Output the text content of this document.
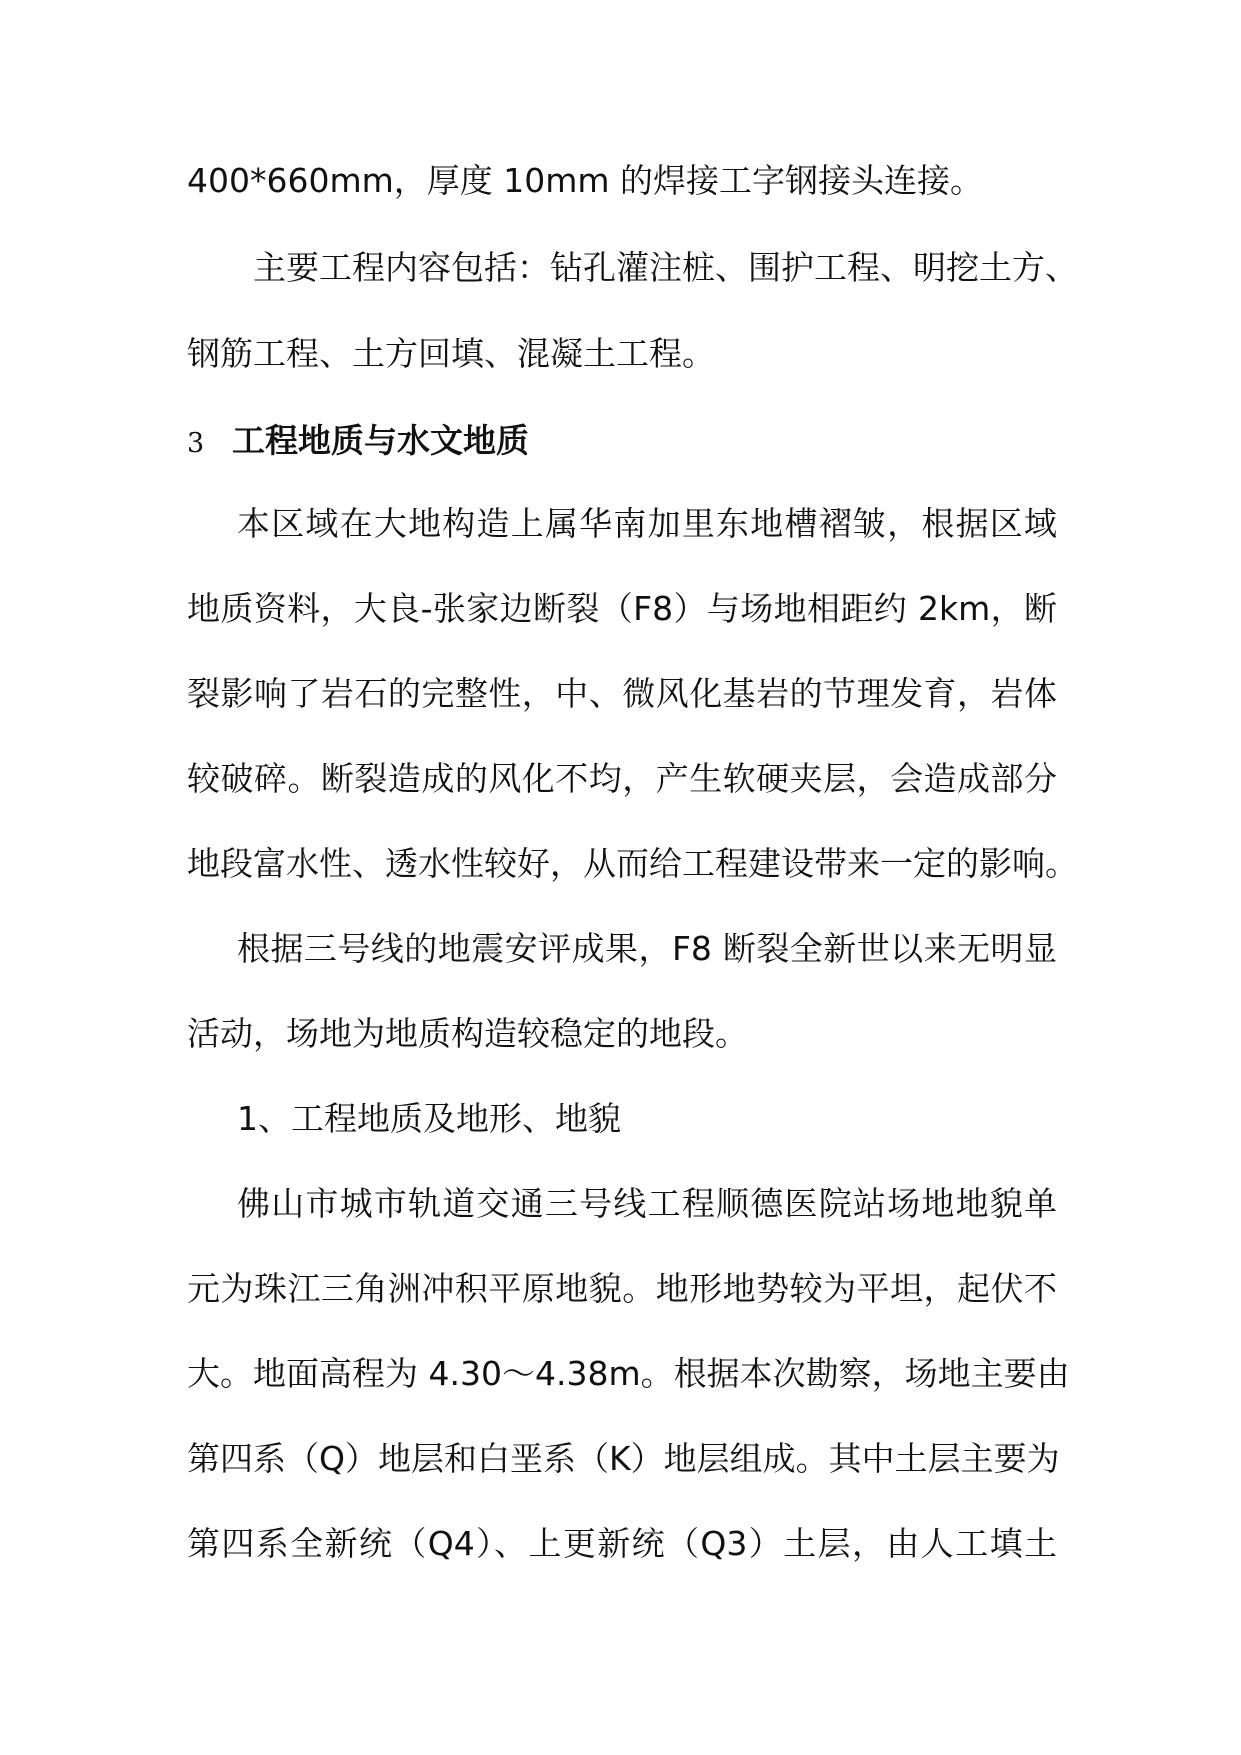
400*660mm，厚度 10mm 的焊接工字钢接头连接。
主要工程内容包括：钻孔灌注桩、围护工程、明挖土方、
钢筋工程、土方回填、混凝土工程。
3 工程地质与水文地质
本区域在大地构造上属华南加里东地槽褶皱，根据区域
地质资料，大良-张家边断裂（F8）与场地相距约 2km，断
裂影响了岩石的完整性，中、微风化基岩的节理发育，岩体
较破碎。断裂造成的风化不均，产生软硬夹层，会造成部分
地段富水性、透水性较好，从而给工程建设带来一定的影响。
根据三号线的地震安评成果，F8 断裂全新世以来无明显
活动，场地为地质构造较稳定的地段。
1、工程地质及地形、地貌
佛山市城市轨道交通三号线工程顺德医院站场地地貌单
元为珠江三角洲冲积平原地貌。地形地势较为平坦，起伏不
大。地面高程为 4.30～4.38m。根据本次勘察，场地主要由
第四系（Q）地层和白垩系（K）地层组成。其中土层主要为
第四系全新统（Q4）、上更新统（Q3）土层，由人工填土
